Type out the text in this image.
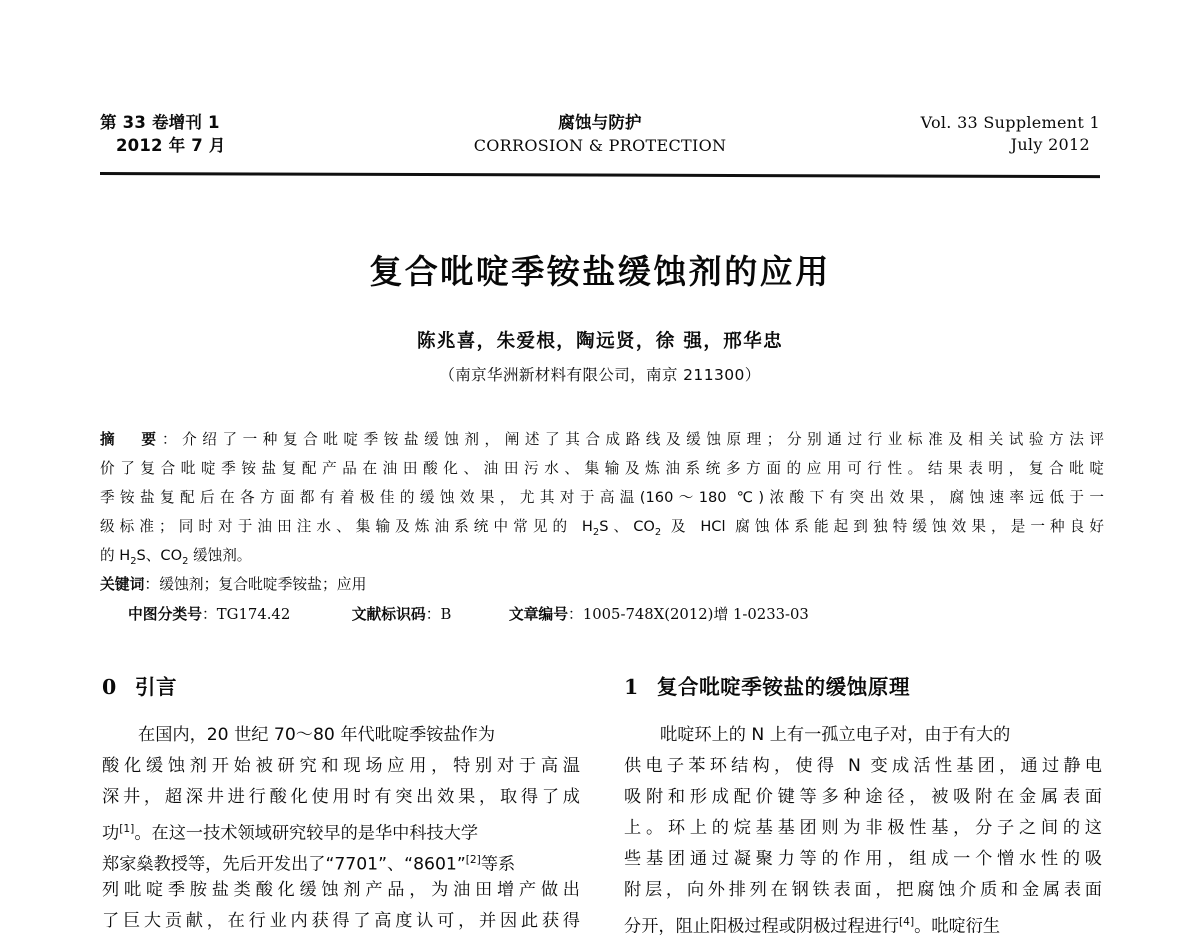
第 33 卷增刊 1
2012 年 7 月
腐蚀与防护
CORROSION & PROTECTION
Vol. 33 Supplement 1
July 2012
复合吡啶季铵盐缓蚀剂的应用
陈兆喜，朱爱根，陶远贤，徐 强，邢华忠
（南京华洲新材料有限公司，南京 211300）
摘　要：介绍了一种复合吡啶季铵盐缓蚀剂，阐述了其合成路线及缓蚀原理；分别通过行业标准及相关试验方法评
价了复合吡啶季铵盐复配产品在油田酸化、油田污水、集输及炼油系统多方面的应用可行性。结果表明，复合吡啶
季铵盐复配后在各方面都有着极佳的缓蚀效果，尤其对于高温(160～180 ℃)浓酸下有突出效果，腐蚀速率远低于一
级标准；同时对于油田注水、集输及炼油系统中常见的 $H_2S$、$CO_2$ 及 HCl 腐蚀体系能起到独特缓蚀效果，是一种良好
的 $H_2S$、$CO_2$ 缓蚀剂。
关键词：缓蚀剂；复合吡啶季铵盐；应用
中图分类号：TG174.42	文献标识码：B	文章编号：1005-748X(2012)增 1-0233-03
0 引言
在国内，20 世纪 70～80 年代吡啶季铵盐作为
酸化缓蚀剂开始被研究和现场应用，特别对于高温
深井，超深井进行酸化使用时有突出效果，取得了成
功[1]。在这一技术领域研究较早的是华中科技大学
郑家燊教授等，先后开发出了“7701”、“8601”[2]等系
列吡啶季胺盐类酸化缓蚀剂产品，为油田增产做出
了巨大贡献，在行业内获得了高度认可，并因此获得
1 复合吡啶季铵盐的缓蚀原理
吡啶环上的 N 上有一孤立电子对，由于有大的
供电子苯环结构，使得 N 变成活性基团，通过静电
吸附和形成配价键等多种途径，被吸附在金属表面
上。环上的烷基基团则为非极性基，分子之间的这
些基团通过凝聚力等的作用，组成一个憎水性的吸
附层，向外排列在钢铁表面，把腐蚀介质和金属表面
分开，阻止阳极过程或阴极过程进行[4]。吡啶衍生
